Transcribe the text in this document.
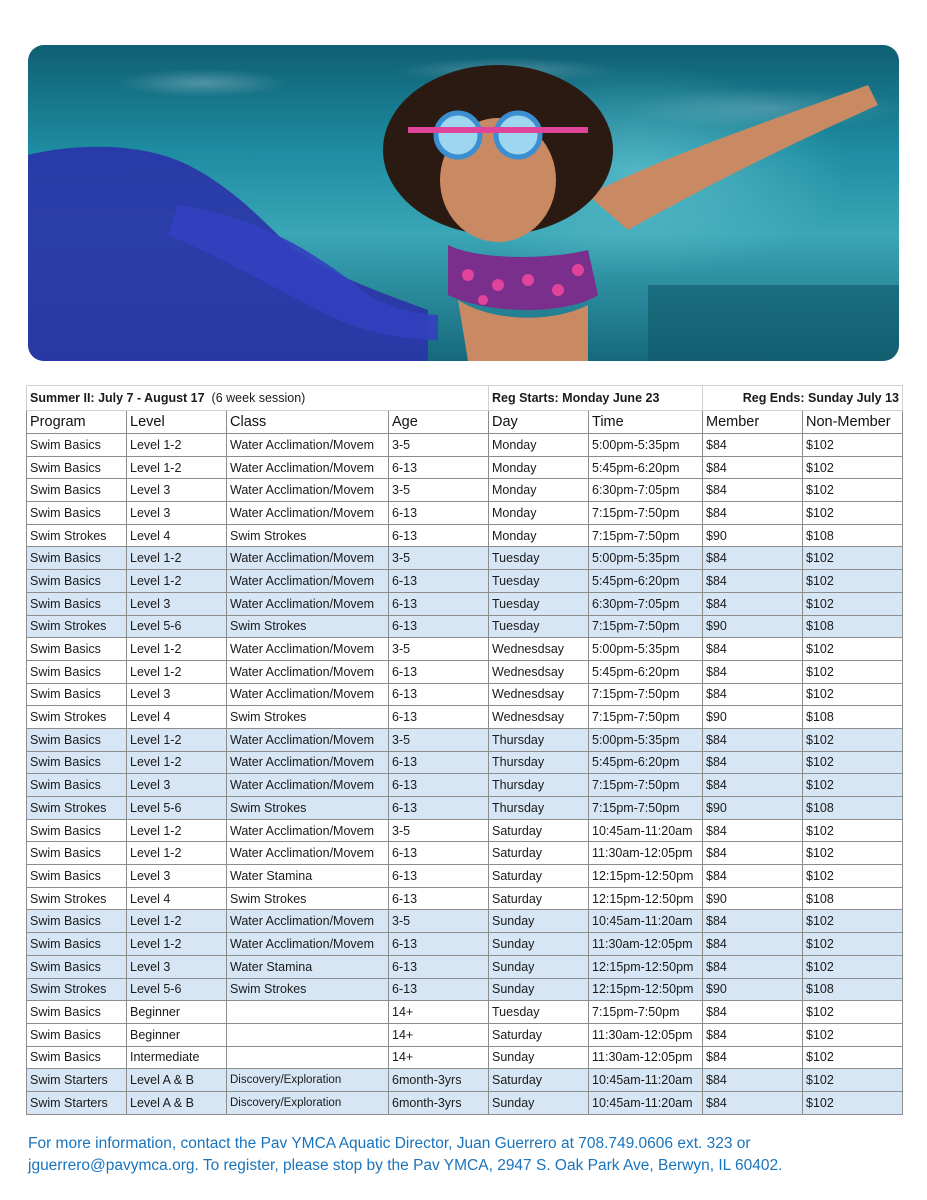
Summer II: July 7 - August 17 (6 week session)				Reg Starts: Monday June 23		Reg Ends: Sunday July 13	
Program	Level	Class	Age	Day	Time	Member	Non-Member
Swim Basics	Level 1-2	Water Acclimation/Movem	3-5	Monday	5:00pm-5:35pm	$84	$102
Swim Basics	Level 1-2	Water Acclimation/Movem	6-13	Monday	5:45pm-6:20pm	$84	$102
Swim Basics	Level 3	Water Acclimation/Movem	3-5	Monday	6:30pm-7:05pm	$84	$102
Swim Basics	Level 3	Water Acclimation/Movem	6-13	Monday	7:15pm-7:50pm	$84	$102
Swim Strokes	Level 4	Swim Strokes	6-13	Monday	7:15pm-7:50pm	$90	$108
Swim Basics	Level 1-2	Water Acclimation/Movem	3-5	Tuesday	5:00pm-5:35pm	$84	$102
Swim Basics	Level 1-2	Water Acclimation/Movem	6-13	Tuesday	5:45pm-6:20pm	$84	$102
Swim Basics	Level 3	Water Acclimation/Movem	6-13	Tuesday	6:30pm-7:05pm	$84	$102
Swim Strokes	Level 5-6	Swim Strokes	6-13	Tuesday	7:15pm-7:50pm	$90	$108
Swim Basics	Level 1-2	Water Acclimation/Movem	3-5	Wednesdsay	5:00pm-5:35pm	$84	$102
Swim Basics	Level 1-2	Water Acclimation/Movem	6-13	Wednesdsay	5:45pm-6:20pm	$84	$102
Swim Basics	Level 3	Water Acclimation/Movem	6-13	Wednesdsay	7:15pm-7:50pm	$84	$102
Swim Strokes	Level 4	Swim Strokes	6-13	Wednesdsay	7:15pm-7:50pm	$90	$108
Swim Basics	Level 1-2	Water Acclimation/Movem	3-5	Thursday	5:00pm-5:35pm	$84	$102
Swim Basics	Level 1-2	Water Acclimation/Movem	6-13	Thursday	5:45pm-6:20pm	$84	$102
Swim Basics	Level 3	Water Acclimation/Movem	6-13	Thursday	7:15pm-7:50pm	$84	$102
Swim Strokes	Level 5-6	Swim Strokes	6-13	Thursday	7:15pm-7:50pm	$90	$108
Swim Basics	Level 1-2	Water Acclimation/Movem	3-5	Saturday	10:45am-11:20am	$84	$102
Swim Basics	Level 1-2	Water Acclimation/Movem	6-13	Saturday	11:30am-12:05pm	$84	$102
Swim Basics	Level 3	Water Stamina	6-13	Saturday	12:15pm-12:50pm	$84	$102
Swim Strokes	Level 4	Swim Strokes	6-13	Saturday	12:15pm-12:50pm	$90	$108
Swim Basics	Level 1-2	Water Acclimation/Movem	3-5	Sunday	10:45am-11:20am	$84	$102
Swim Basics	Level 1-2	Water Acclimation/Movem	6-13	Sunday	11:30am-12:05pm	$84	$102
Swim Basics	Level 3	Water Stamina	6-13	Sunday	12:15pm-12:50pm	$84	$102
Swim Strokes	Level 5-6	Swim Strokes	6-13	Sunday	12:15pm-12:50pm	$90	$108
Swim Basics	Beginner		14+	Tuesday	7:15pm-7:50pm	$84	$102
Swim Basics	Beginner		14+	Saturday	11:30am-12:05pm	$84	$102
Swim Basics	Intermediate		14+	Sunday	11:30am-12:05pm	$84	$102
Swim Starters	Level A & B	Discovery/Exploration	6month-3yrs	Saturday	10:45am-11:20am	$84	$102
Swim Starters	Level A & B	Discovery/Exploration	6month-3yrs	Sunday	10:45am-11:20am	$84	$102
For more information, contact the Pav YMCA Aquatic Director, Juan Guerrero at 708.749.0606 ext. 323 or
jguerrero@pavymca.org. To register, please stop by the Pav YMCA, 2947 S. Oak Park Ave, Berwyn, IL 60402.
